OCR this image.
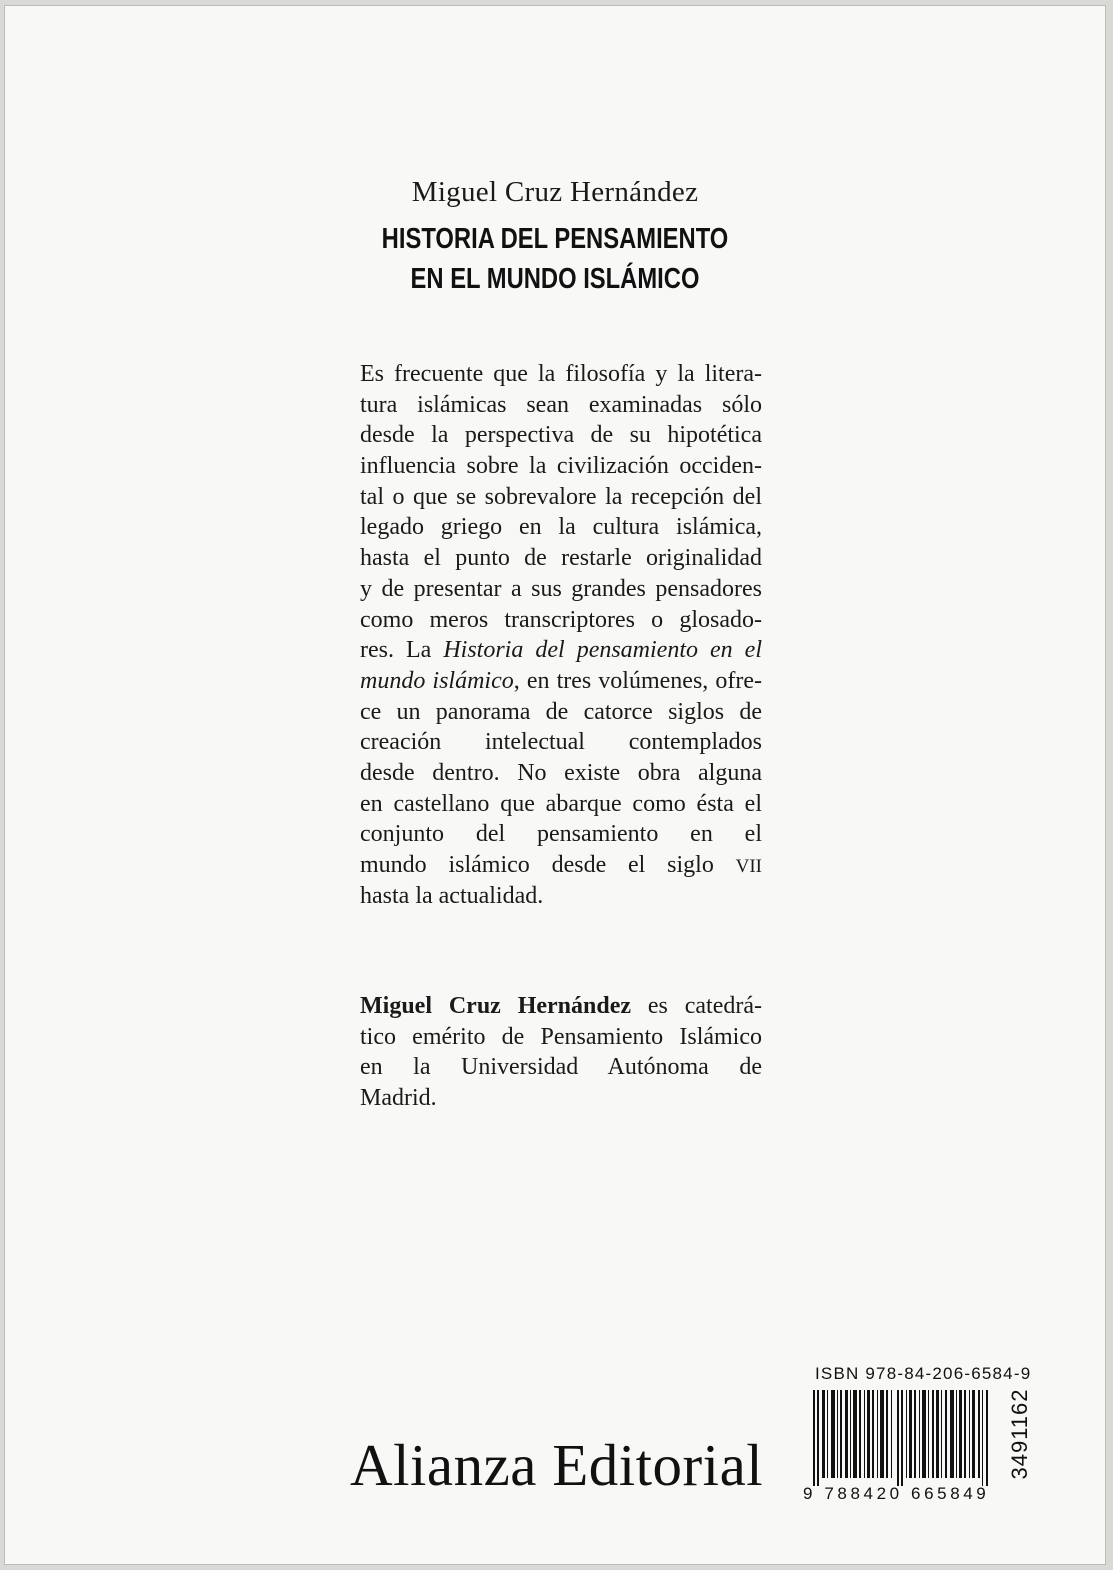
Miguel Cruz Hernández
HISTORIA DEL PENSAMIENTO
EN EL MUNDO ISLÁMICO
Es frecuente que la filosofía y la litera-
tura islámicas sean examinadas sólo
desde la perspectiva de su hipotética
influencia sobre la civilización occiden-
tal o que se sobrevalore la recepción del
legado griego en la cultura islámica,
hasta el punto de restarle originalidad
y de presentar a sus grandes pensadores
como meros transcriptores o glosado-
res. La Historia del pensamiento en el
mundo islámico, en tres volúmenes, ofre-
ce un panorama de catorce siglos de
creación intelectual contemplados
desde dentro. No existe obra alguna
en castellano que abarque como ésta el
conjunto del pensamiento en el
mundo islámico desde el siglo VII
hasta la actualidad.
Miguel Cruz Hernández es catedrá-
tico emérito de Pensamiento Islámico
en la Universidad Autónoma de
Madrid.
ISBN 978-84-206-6584-9
9 788420 665849
3491162
Alianza Editorial
